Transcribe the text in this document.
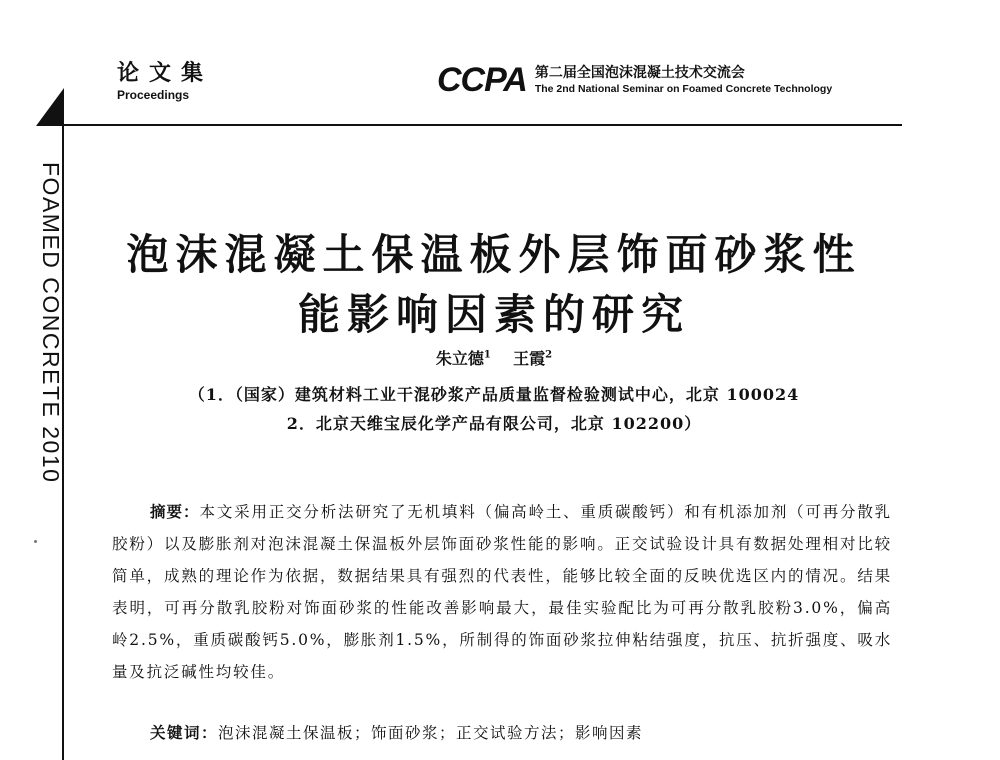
论文集
Proceedings	CCPA 第二届全国泡沫混凝土技术交流会
The 2nd National Seminar on Foamed Concrete Technology
FOAMED CONCRETE 2010	泡沫混凝土保温板外层饰面砂浆性
能影响因素的研究
朱立德$^1$ 王霞$^2$
（1．（国家）建筑材料工业干混砂浆产品质量监督检验测试中心，北京 100024
2．北京天维宝辰化学产品有限公司，北京 102200）
摘要：本文采用正交分析法研究了无机填料（偏高岭土、重质碳酸钙）和有机添加剂（可再分散乳胶粉）以及膨胀剂对泡沫混凝土保温板外层饰面砂浆性能的影响。正交试验设计具有数据处理相对比较简单，成熟的理论作为依据，数据结果具有强烈的代表性，能够比较全面的反映优选区内的情况。结果表明，可再分散乳胶粉对饰面砂浆的性能改善影响最大，最佳实验配比为可再分散乳胶粉3.0%，偏高岭2.5%，重质碳酸钙5.0%，膨胀剂1.5%，所制得的饰面砂浆拉伸粘结强度，抗压、抗折强度、吸水量及抗泛碱性均较佳。
关键词：泡沫混凝土保温板；饰面砂浆；正交试验方法；影响因素
